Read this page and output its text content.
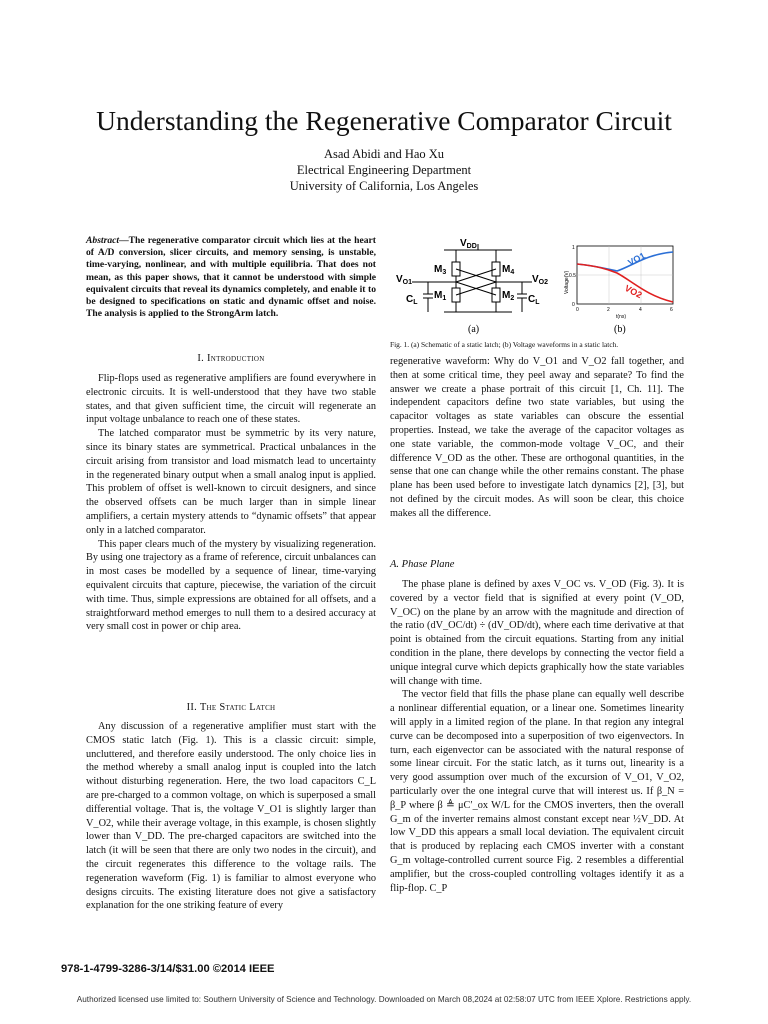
Understanding the Regenerative Comparator Circuit
Asad Abidi and Hao Xu
Electrical Engineering Department
University of California, Los Angeles
Abstract—The regenerative comparator circuit which lies at the heart of A/D conversion, slicer circuits, and memory sensing, is unstable, time-varying, nonlinear, and with multiple equilibria. That does not mean, as this paper shows, that it cannot be understood with simple equivalent circuits that reveal its dynamics completely, and enable it to be designed to specifications on static and dynamic offset and noise. The analysis is applied to the StrongArm latch.
I. Introduction

Flip-flops used as regenerative amplifiers are found everywhere in electronic circuits. It is well-understood that they have two stable states, and that given sufficient time, the circuit will regenerate an input voltage unbalance to reach one of these states.

The latched comparator must be symmetric by its very nature, since its binary states are symmetrical. Practical unbalances in the circuit arising from transistor and load mismatch lead to uncertainty in the regenerated binary output when a small analog input is applied. This problem of offset is well-known to circuit designers, and since the observed offsets can be much larger than in simple linear amplifiers, a certain mystery attends to “dynamic offsets” that appear only in a latched comparator.

This paper clears much of the mystery by visualizing regeneration. By using one trajectory as a frame of reference, circuit unbalances can in most cases be modelled by a sequence of linear, time-varying equivalent circuits that capture, piecewise, the variation of the circuit with time. Thus, simple expressions are obtained for all offsets, and a straightforward method emerges to null them to a desired accuracy at very small cost in power or chip area.

II. The Static Latch

Any discussion of a regenerative amplifier must start with the CMOS static latch (Fig. 1). This is a classic circuit: simple, uncluttered, and therefore easily understood. The only choice lies in the method whereby a small analog input is coupled into the latch without disturbing regeneration. Here, the two load capacitors C_L are pre-charged to a common voltage, on which is superposed a small differential voltage. That is, the voltage V_O1 is slightly larger than V_O2, while their average voltage, in this example, is chosen slightly lower than V_DD. The pre-charged capacitors are switched into the latch (it will be seen that there are only two nodes in the circuit), and the circuit regenerates this difference to the voltage rails. The regeneration waveform (Fig. 1) is familiar to almost everyone who designs circuits. The existing literature does not give a satisfactory explanation for the one striking feature of every

$V_{DD}$
$M_3$	$M_4$
$M_1$	$M_2$
$V_{O1}$	$V_{O2}$
$C_L$	$C_L$
(a)	(b)
VO1
VO2
Voltage(V)
0
0.5
1
0	2	4	6
t(ns)
Fig. 1. (a) Schematic of a static latch; (b) Voltage waveforms in a static latch.

regenerative waveform: Why do V_O1 and V_O2 fall together, and then at some critical time, they peel away and separate? To find the answer we create a phase portrait of this circuit [1, Ch. 11]. The independent capacitors define two state variables, but using the capacitor voltages as state variables can obscure the essential properties. Instead, we take the average of the capacitor voltages as one state variable, the common-mode voltage V_OC, and their difference V_OD as the other. These are orthogonal quantities, in the sense that one can change while the other remains constant. The phase plane has been used before to investigate latch dynamics [2], [3], but not defined by the circuit modes. As will soon be clear, this choice makes all the difference.

A. Phase Plane

The phase plane is defined by axes V_OC vs. V_OD (Fig. 3). It is covered by a vector field that is signified at every point (V_OD, V_OC) on the plane by an arrow with the magnitude and direction of the ratio (dV_OC/dt) ÷ (dV_OD/dt), where each time derivative at that point is obtained from the circuit equations. Starting from any initial condition in the plane, there develops by connecting the vector field a unique integral curve which depicts graphically how the state variables will change with time.

The vector field that fills the phase plane can equally well describe a nonlinear differential equation, or a linear one. Sometimes linearity will apply in a limited region of the plane. In that region any integral curve can be decomposed into a superposition of two eigenvectors. In turn, each eigenvector can be associated with the natural response of some linear circuit. For the static latch, as it turns out, linearity is a very good assumption over much of the excursion of V_O1, V_O2, particularly over the one integral curve that will interest us. If β_N = β_P where β ≜ μC′_ox W/L for the CMOS inverters, then the overall G_m of the inverter remains almost constant except near ½V_DD. At low V_DD this appears a small local deviation. The equivalent circuit that is produced by replacing each CMOS inverter with a constant G_m voltage-controlled current source Fig. 2 resembles a differential amplifier, but the cross-coupled controlling voltages identify it as a flip-flop. C_P

978-1-4799-3286-3/14/$31.00 ©2014 IEEE
Authorized licensed use limited to: Southern University of Science and Technology. Downloaded on March 08,2024 at 02:58:07 UTC from IEEE Xplore. Restrictions apply.
